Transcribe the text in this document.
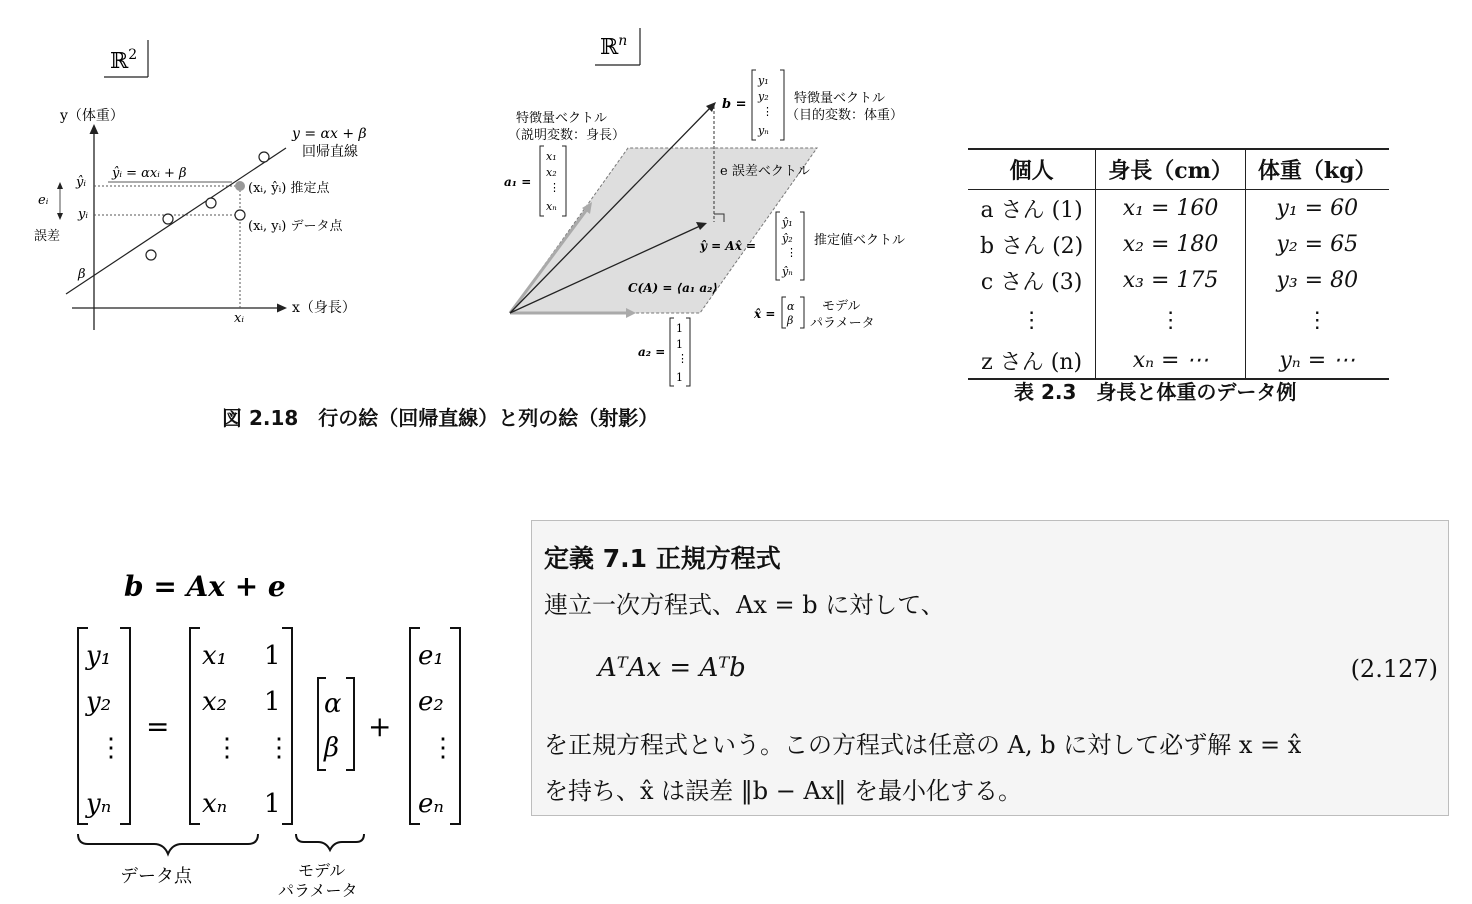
ℝ$^2$
y（体重）
x（身長）
y = αx + β
回帰直線
ŷᵢ = αxᵢ + β
ŷᵢ
yᵢ
eᵢ
誤差
β
xᵢ
(xᵢ, ŷᵢ) 推定点
(xᵢ, yᵢ) データ点
ℝ$^n$
b =
y₁
y₂
⋮
yₙ
特徴量ベクトル
（目的変数：体重）
特徴量ベクトル
（説明変数：身長）
a₁ =
x₁
x₂
⋮
xₙ
e 誤差ベクトル
ŷ = Ax̂ =
ŷ₁
ŷ₂
⋮
ŷₙ
推定値ベクトル
C(A) = ⟨a₁ a₂⟩
x̂ =
α
β
モデル
パラメータ
a₂ =
1
1
⋮
1
図 2.18　行の絵（回帰直線）と列の絵（射影）
個人	身長（cm）	体重（kg）
a さん (1)	x₁ = 160	y₁ = 60
b さん (2)	x₂ = 180	y₂ = 65
c さん (3)	x₃ = 175	y₃ = 80
⋮	⋮	⋮
z さん (n)	xₙ = ⋯	yₙ = ⋯
表 2.3　身長と体重のデータ例
b = Ax + e
y₁
y₂
⋮
yₙ
=
x₁
x₂
⋮
xₙ
1
1
⋮
1
α
β
+
e₁
e₂
⋮
eₙ
データ点	モデル
パラメータ
定義 7.1 正規方程式
連立一次方程式、Ax = b に対して、
AᵀAx = Aᵀb	(2.127)
を正規方程式という。この方程式は任意の A, b に対して必ず解 x = x̂
を持ち、x̂ は誤差 ‖b − Ax‖ を最小化する。
